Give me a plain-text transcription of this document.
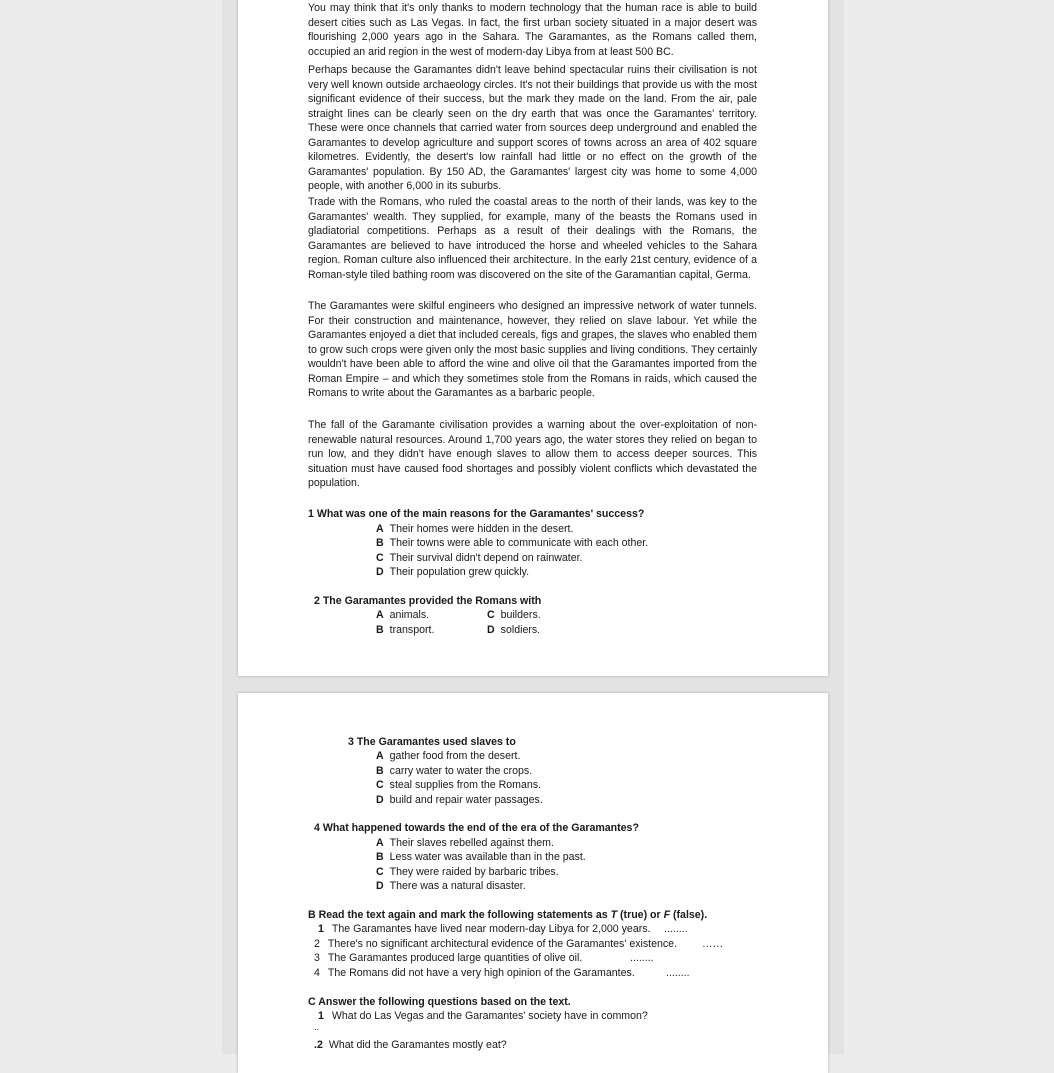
You may think that it's only thanks to modern technology that the human race is able to build desert cities such as Las Vegas. In fact, the first urban society situated in a major desert was flourishing 2,000 years ago in the Sahara. The Garamantes, as the Romans called them, occupied an arid region in the west of modern-day Libya from at least 500 BC.

Perhaps because the Garamantes didn't leave behind spectacular ruins their civilisation is not very well known outside archaeology circles. It's not their buildings that provide us with the most significant evidence of their success, but the mark they made on the land. From the air, pale straight lines can be clearly seen on the dry earth that was once the Garamantes' territory. These were once channels that carried water from sources deep underground and enabled the Garamantes to develop agriculture and support scores of towns across an area of 402 square kilometres. Evidently, the desert's low rainfall had little or no effect on the growth of the Garamantes' population. By 150 AD, the Garamantes' largest city was home to some 4,000 people, with another 6,000 in its suburbs.

Trade with the Romans, who ruled the coastal areas to the north of their lands, was key to the Garamantes' wealth. They supplied, for example, many of the beasts the Romans used in gladiatorial competitions. Perhaps as a result of their dealings with the Romans, the Garamantes are believed to have introduced the horse and wheeled vehicles to the Sahara region. Roman culture also influenced their architecture. In the early 21st century, evidence of a Roman-style tiled bathing room was discovered on the site of the Garamantian capital, Germa.

The Garamantes were skilful engineers who designed an impressive network of water tunnels. For their construction and maintenance, however, they relied on slave labour. Yet while the Garamantes enjoyed a diet that included cereals, figs and grapes, the slaves who enabled them to grow such crops were given only the most basic supplies and living conditions. They certainly wouldn't have been able to afford the wine and olive oil that the Garamantes imported from the Roman Empire – and which they sometimes stole from the Romans in raids, which caused the Romans to write about the Garamantes as a barbaric people.

The fall of the Garamante civilisation provides a warning about the over-exploitation of non-renewable natural resources. Around 1,700 years ago, the water stores they relied on began to run low, and they didn't have enough slaves to allow them to access deeper sources. This situation must have caused food shortages and possibly violent conflicts which devastated the population.

1 What was one of the main reasons for the Garamantes' success?
A Their homes were hidden in the desert.
B Their towns were able to communicate with each other.
C Their survival didn't depend on rainwater.
D Their population grew quickly.
2 The Garamantes provided the Romans with
A animals.	C builders.
B transport.	D soldiers.
3 The Garamantes used slaves to
A gather food from the desert.
B carry water to water the crops.
C steal supplies from the Romans.
D build and repair water passages.
4 What happened towards the end of the era of the Garamantes?
A Their slaves rebelled against them.
B Less water was available than in the past.
C They were raided by barbaric tribes.
D There was a natural disaster.
B Read the text again and mark the following statements as T (true) or F (false).
1 The Garamantes have lived near modern-day Libya for 2,000 years. ........
2 There's no significant architectural evidence of the Garamantes' existence. ……
3 The Garamantes produced large quantities of olive oil.	........
4 The Romans did not have a very high opinion of the Garamantes.	........
C Answer the following questions based on the text.
1 What do Las Vegas and the Garamantes' society have in common?
..
.2 What did the Garamantes mostly eat?
